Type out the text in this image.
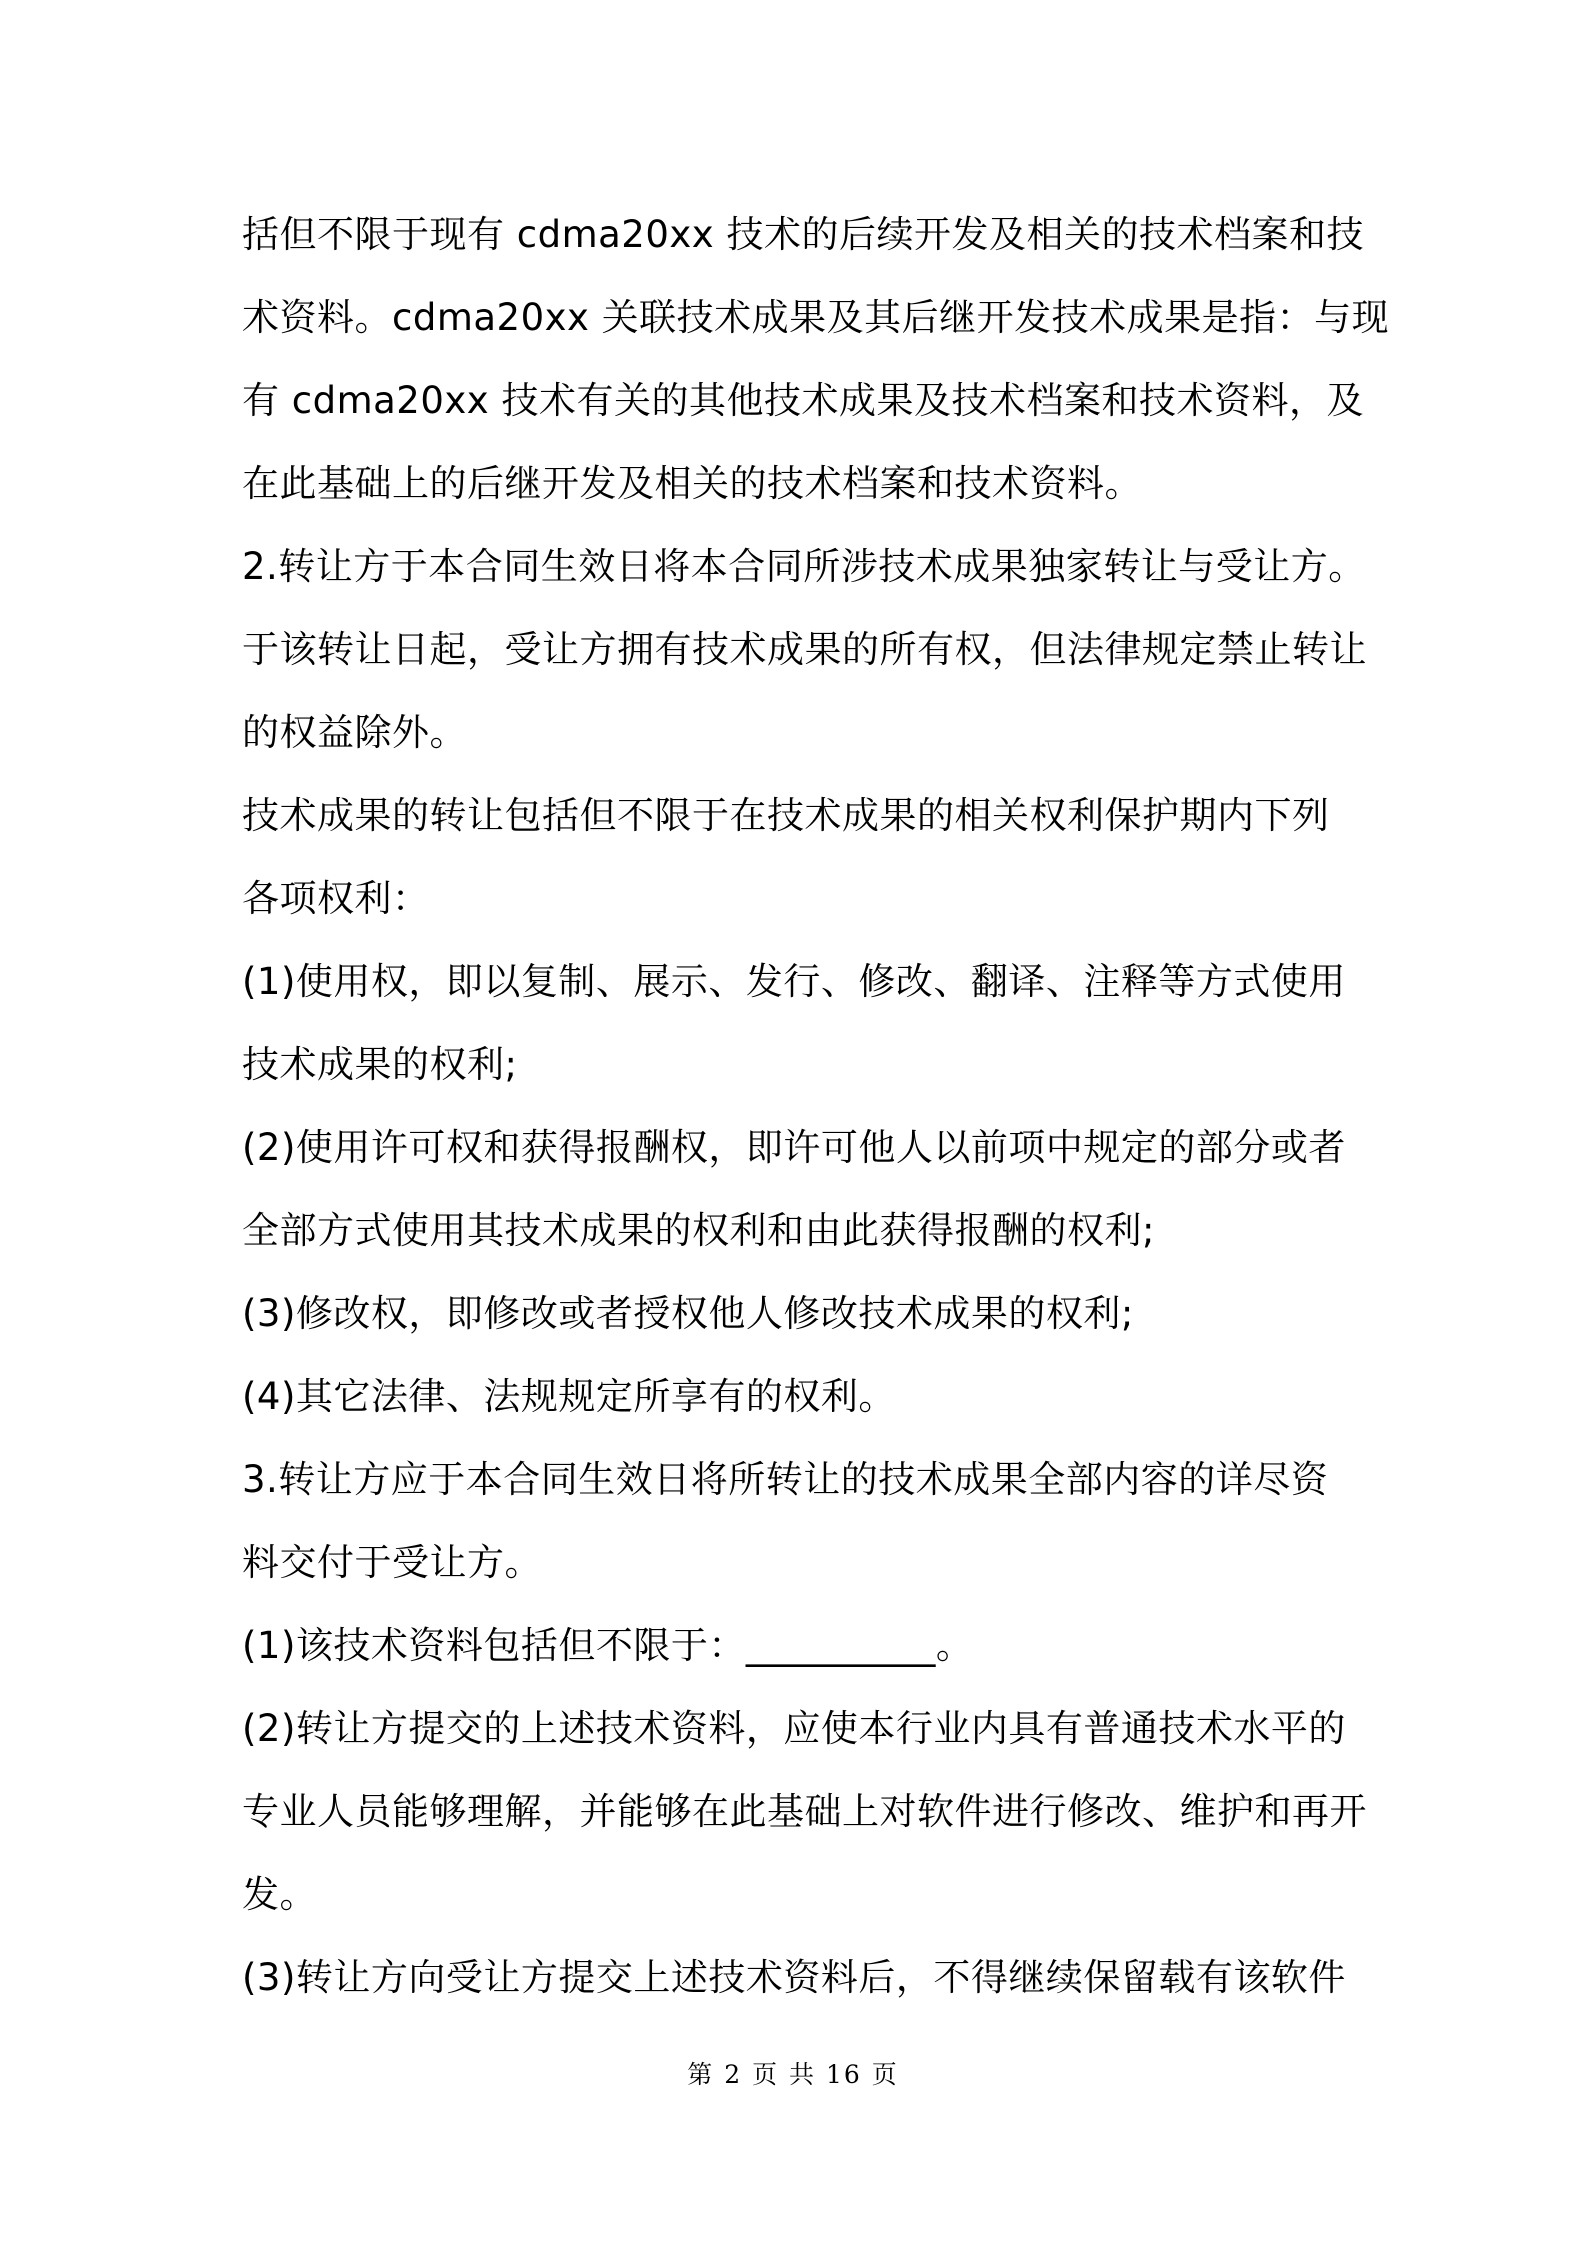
括但不限于现有 cdma20xx 技术的后续开发及相关的技术档案和技
术资料。cdma20xx 关联技术成果及其后继开发技术成果是指：与现
有 cdma20xx 技术有关的其他技术成果及技术档案和技术资料，及
在此基础上的后继开发及相关的技术档案和技术资料。
2.转让方于本合同生效日将本合同所涉技术成果独家转让与受让方。
于该转让日起，受让方拥有技术成果的所有权，但法律规定禁止转让
的权益除外。
技术成果的转让包括但不限于在技术成果的相关权利保护期内下列
各项权利：
(1)使用权，即以复制、展示、发行、修改、翻译、注释等方式使用
技术成果的权利;
(2)使用许可权和获得报酬权，即许可他人以前项中规定的部分或者
全部方式使用其技术成果的权利和由此获得报酬的权利;
(3)修改权，即修改或者授权他人修改技术成果的权利;
(4)其它法律、法规规定所享有的权利。
3.转让方应于本合同生效日将所转让的技术成果全部内容的详尽资
料交付于受让方。
(1)该技术资料包括但不限于：__________。
(2)转让方提交的上述技术资料，应使本行业内具有普通技术水平的
专业人员能够理解，并能够在此基础上对软件进行修改、维护和再开
发。
(3)转让方向受让方提交上述技术资料后，不得继续保留载有该软件
第 2 页 共 16 页
